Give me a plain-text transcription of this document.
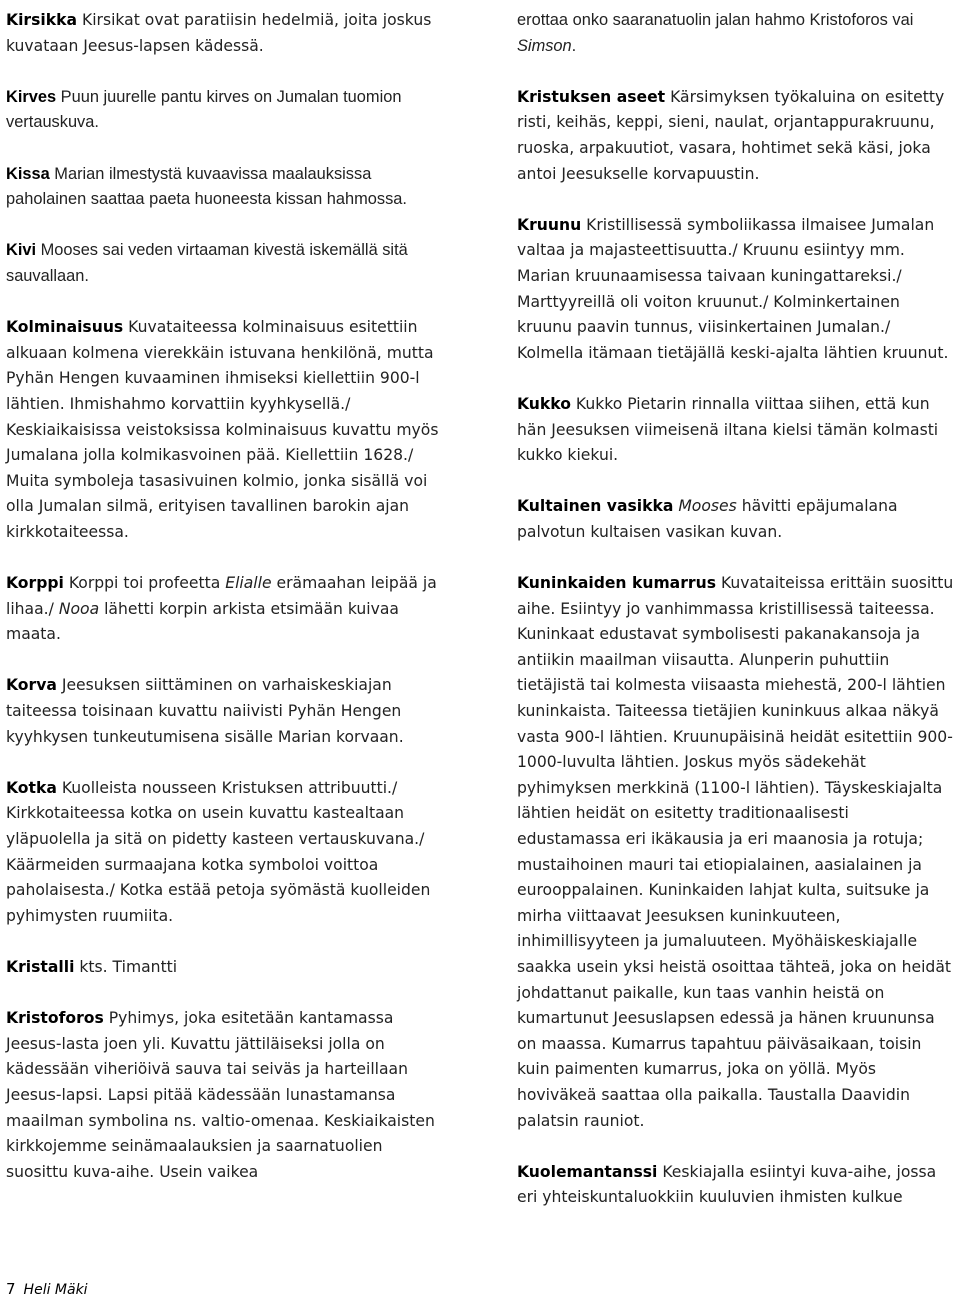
Kirsikka Kirsikat ovat paratiisin hedelmiä, joita joskus kuvataan Jeesus-lapsen kädessä.

Kirves Puun juurelle pantu kirves on Jumalan tuomion vertauskuva.

Kissa Marian ilmestystä kuvaavissa maalauksissa paholainen saattaa paeta huoneesta kissan hahmossa.

Kivi Mooses sai veden virtaaman kivestä iskemällä sitä sauvallaan.

Kolminaisuus Kuvataiteessa kolminaisuus esitettiin alkuaan kolmena vierekkäin istuvana henkilönä, mutta Pyhän Hengen kuvaaminen ihmiseksi kiellettiin 900-l lähtien. Ihmishahmo korvattiin kyyhkysellä./ Keskiaikaisissa veistoksissa kolminaisuus kuvattu myös Jumalana jolla kolmikasvoinen pää. Kiellettiin 1628./ Muita symboleja tasasivuinen kolmio, jonka sisällä voi olla Jumalan silmä, erityisen tavallinen barokin ajan kirkkotaiteessa.

Korppi Korppi toi profeetta Elialle erämaahan leipää ja lihaa./ Nooa lähetti korpin arkista etsimään kuivaa maata.

Korva Jeesuksen siittäminen on varhaiskeskiajan taiteessa toisinaan kuvattu naiivisti Pyhän Hengen kyyhkysen tunkeutumisena sisälle Marian korvaan.

Kotka Kuolleista nousseen Kristuksen attribuutti./ Kirkkotaiteessa kotka on usein kuvattu kastealtaan yläpuolella ja sitä on pidetty kasteen vertauskuvana./ Käärmeiden surmaajana kotka symboloi voittoa paholaisesta./ Kotka estää petoja syömästä kuolleiden pyhimysten ruumiita.

Kristalli kts. Timantti

Kristoforos Pyhimys, joka esitetään kantamassa Jeesus-lasta joen yli. Kuvattu jättiläiseksi jolla on kädessään viheriöivä sauva tai seiväs ja harteillaan Jeesus-lapsi. Lapsi pitää kädessään lunastamansa maailman symbolina ns. valtio-omenaa. Keskiaikaisten kirkkojemme seinämaalauksien ja saarnatuolien suosittu kuva-aihe. Usein vaikea

erottaa onko saaranatuolin jalan hahmo Kristoforos vai Simson.

Kristuksen aseet Kärsimyksen työkaluina on esitetty risti, keihäs, keppi, sieni, naulat, orjantappurakruunu, ruoska, arpakuutiot, vasara, hohtimet sekä käsi, joka antoi Jeesukselle korvapuustin.

Kruunu Kristillisessä symboliikassa ilmaisee Jumalan valtaa ja majasteettisuutta./ Kruunu esiintyy mm. Marian kruunaamisessa taivaan kuningattareksi./ Marttyyreillä oli voiton kruunut./ Kolminkertainen kruunu paavin tunnus, viisinkertainen Jumalan./ Kolmella itämaan tietäjällä keski-ajalta lähtien kruunut.

Kukko Kukko Pietarin rinnalla viittaa siihen, että kun hän Jeesuksen viimeisenä iltana kielsi tämän kolmasti kukko kiekui.

Kultainen vasikka Mooses hävitti epäjumalana palvotun kultaisen vasikan kuvan.

Kuninkaiden kumarrus Kuvataiteissa erittäin suosittu aihe. Esiintyy jo vanhimmassa kristillisessä taiteessa. Kuninkaat edustavat symbolisesti pakanakansoja ja antiikin maailman viisautta. Alunperin puhuttiin tietäjistä tai kolmesta viisaasta miehestä, 200-l lähtien kuninkaista. Taiteessa tietäjien kuninkuus alkaa näkyä vasta 900-l lähtien. Kruunupäisinä heidät esitettiin 900-1000-luvulta lähtien. Joskus myös sädekehät pyhimyksen merkkinä (1100-l lähtien). Täyskeskiajalta lähtien heidät on esitetty traditionaalisesti edustamassa eri ikäkausia ja eri maanosia ja rotuja; mustaihoinen mauri tai etiopialainen, aasialainen ja eurooppalainen. Kuninkaiden lahjat kulta, suitsuke ja mirha viittaavat Jeesuksen kuninkuuteen, inhimillisyyteen ja jumaluuteen. Myöhäiskeskiajalle saakka usein yksi heistä osoittaa tähteä, joka on heidät johdattanut paikalle, kun taas vanhin heistä on kumartunut Jeesuslapsen edessä ja hänen kruununsa on maassa. Kumarrus tapahtuu päiväsaikaan, toisin kuin paimenten kumarrus, joka on yöllä. Myös hoviväkeä saattaa olla paikalla. Taustalla Daavidin palatsin rauniot.

Kuolemantanssi Keskiajalla esiintyi kuva-aihe, jossa eri yhteiskuntaluokkiin kuuluvien ihmisten kulkue

7 Heli Mäki
